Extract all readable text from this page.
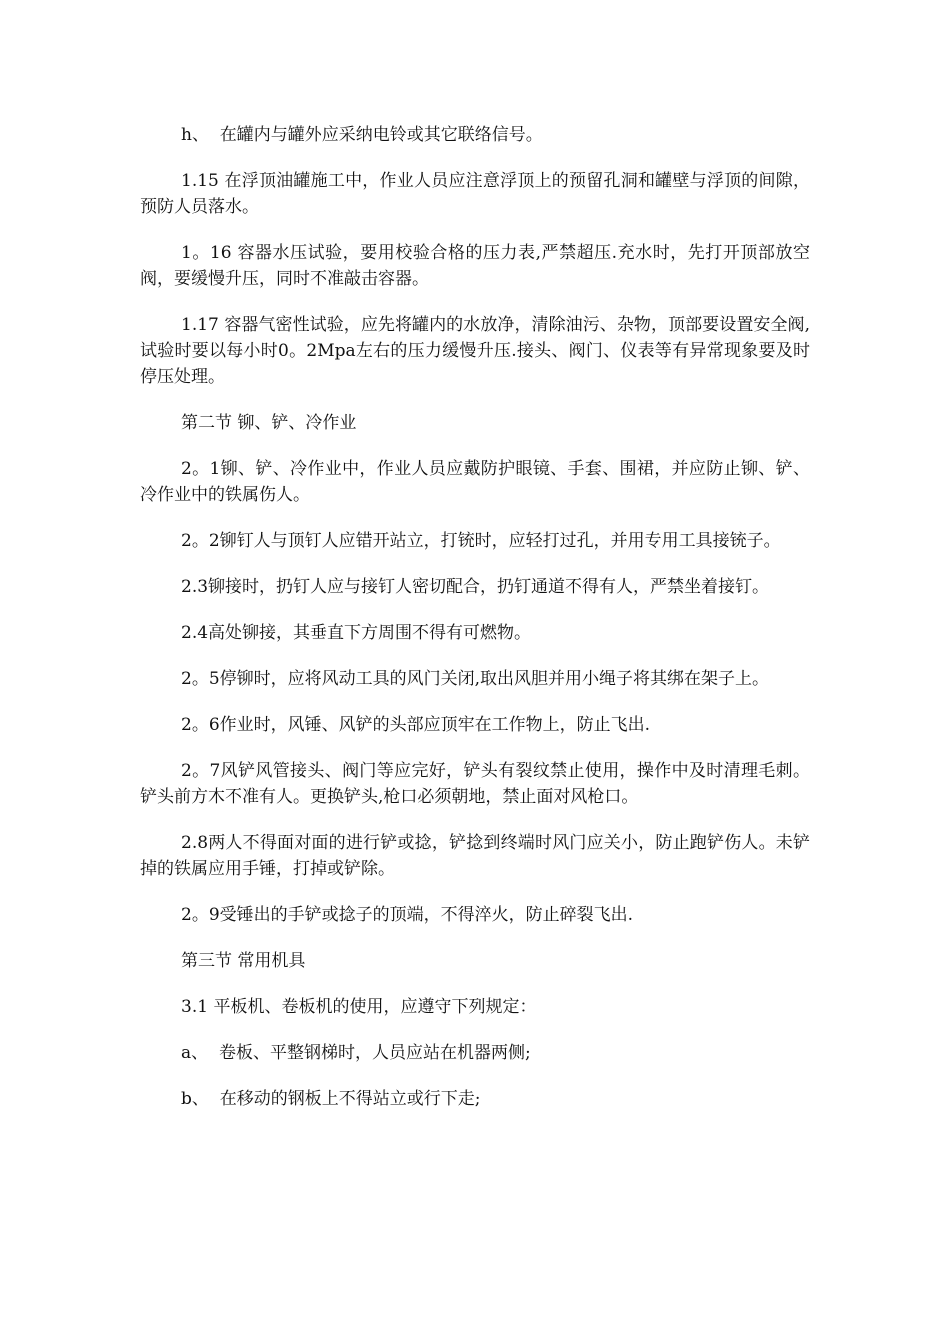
h、  在罐内与罐外应采纳电铃或其它联络信号。

1.15 在浮顶油罐施工中，作业人员应注意浮顶上的预留孔洞和罐壁与浮顶的间隙，预防人员落水。

1。16 容器水压试验，要用校验合格的压力表,严禁超压.充水时，先打开顶部放空阀，要缓慢升压，同时不准敲击容器。

1.17 容器气密性试验，应先将罐内的水放净，清除油污、杂物，顶部要设置安全阀,试验时要以每小时0。2Mpa左右的压力缓慢升压.接头、阀门、仪表等有异常现象要及时停压处理。

第二节 铆、铲、冷作业

2。1铆、铲、冷作业中，作业人员应戴防护眼镜、手套、围裙，并应防止铆、铲、冷作业中的铁属伤人。

2。2铆钉人与顶钉人应错开站立，打铳时，应轻打过孔，并用专用工具接铳子。

2.3铆接时，扔钉人应与接钉人密切配合，扔钉通道不得有人，严禁坐着接钉。

2.4高处铆接，其垂直下方周围不得有可燃物。

2。5停铆时，应将风动工具的风门关闭,取出风胆并用小绳子将其绑在架子上。

2。6作业时，风锤、风铲的头部应顶牢在工作物上，防止飞出.

2。7风铲风管接头、阀门等应完好，铲头有裂纹禁止使用，操作中及时清理毛刺。铲头前方木不准有人。更换铲头,枪口必须朝地，禁止面对风枪口。

2.8两人不得面对面的进行铲或捻，铲捻到终端时风门应关小，防止跑铲伤人。未铲掉的铁属应用手锤，打掉或铲除。

2。9受锤出的手铲或捻子的顶端，不得淬火，防止碎裂飞出.

第三节 常用机具

3.1 平板机、卷板机的使用，应遵守下列规定：

a、  卷板、平整钢梯时，人员应站在机器两侧;

b、  在移动的钢板上不得站立或行下走;
